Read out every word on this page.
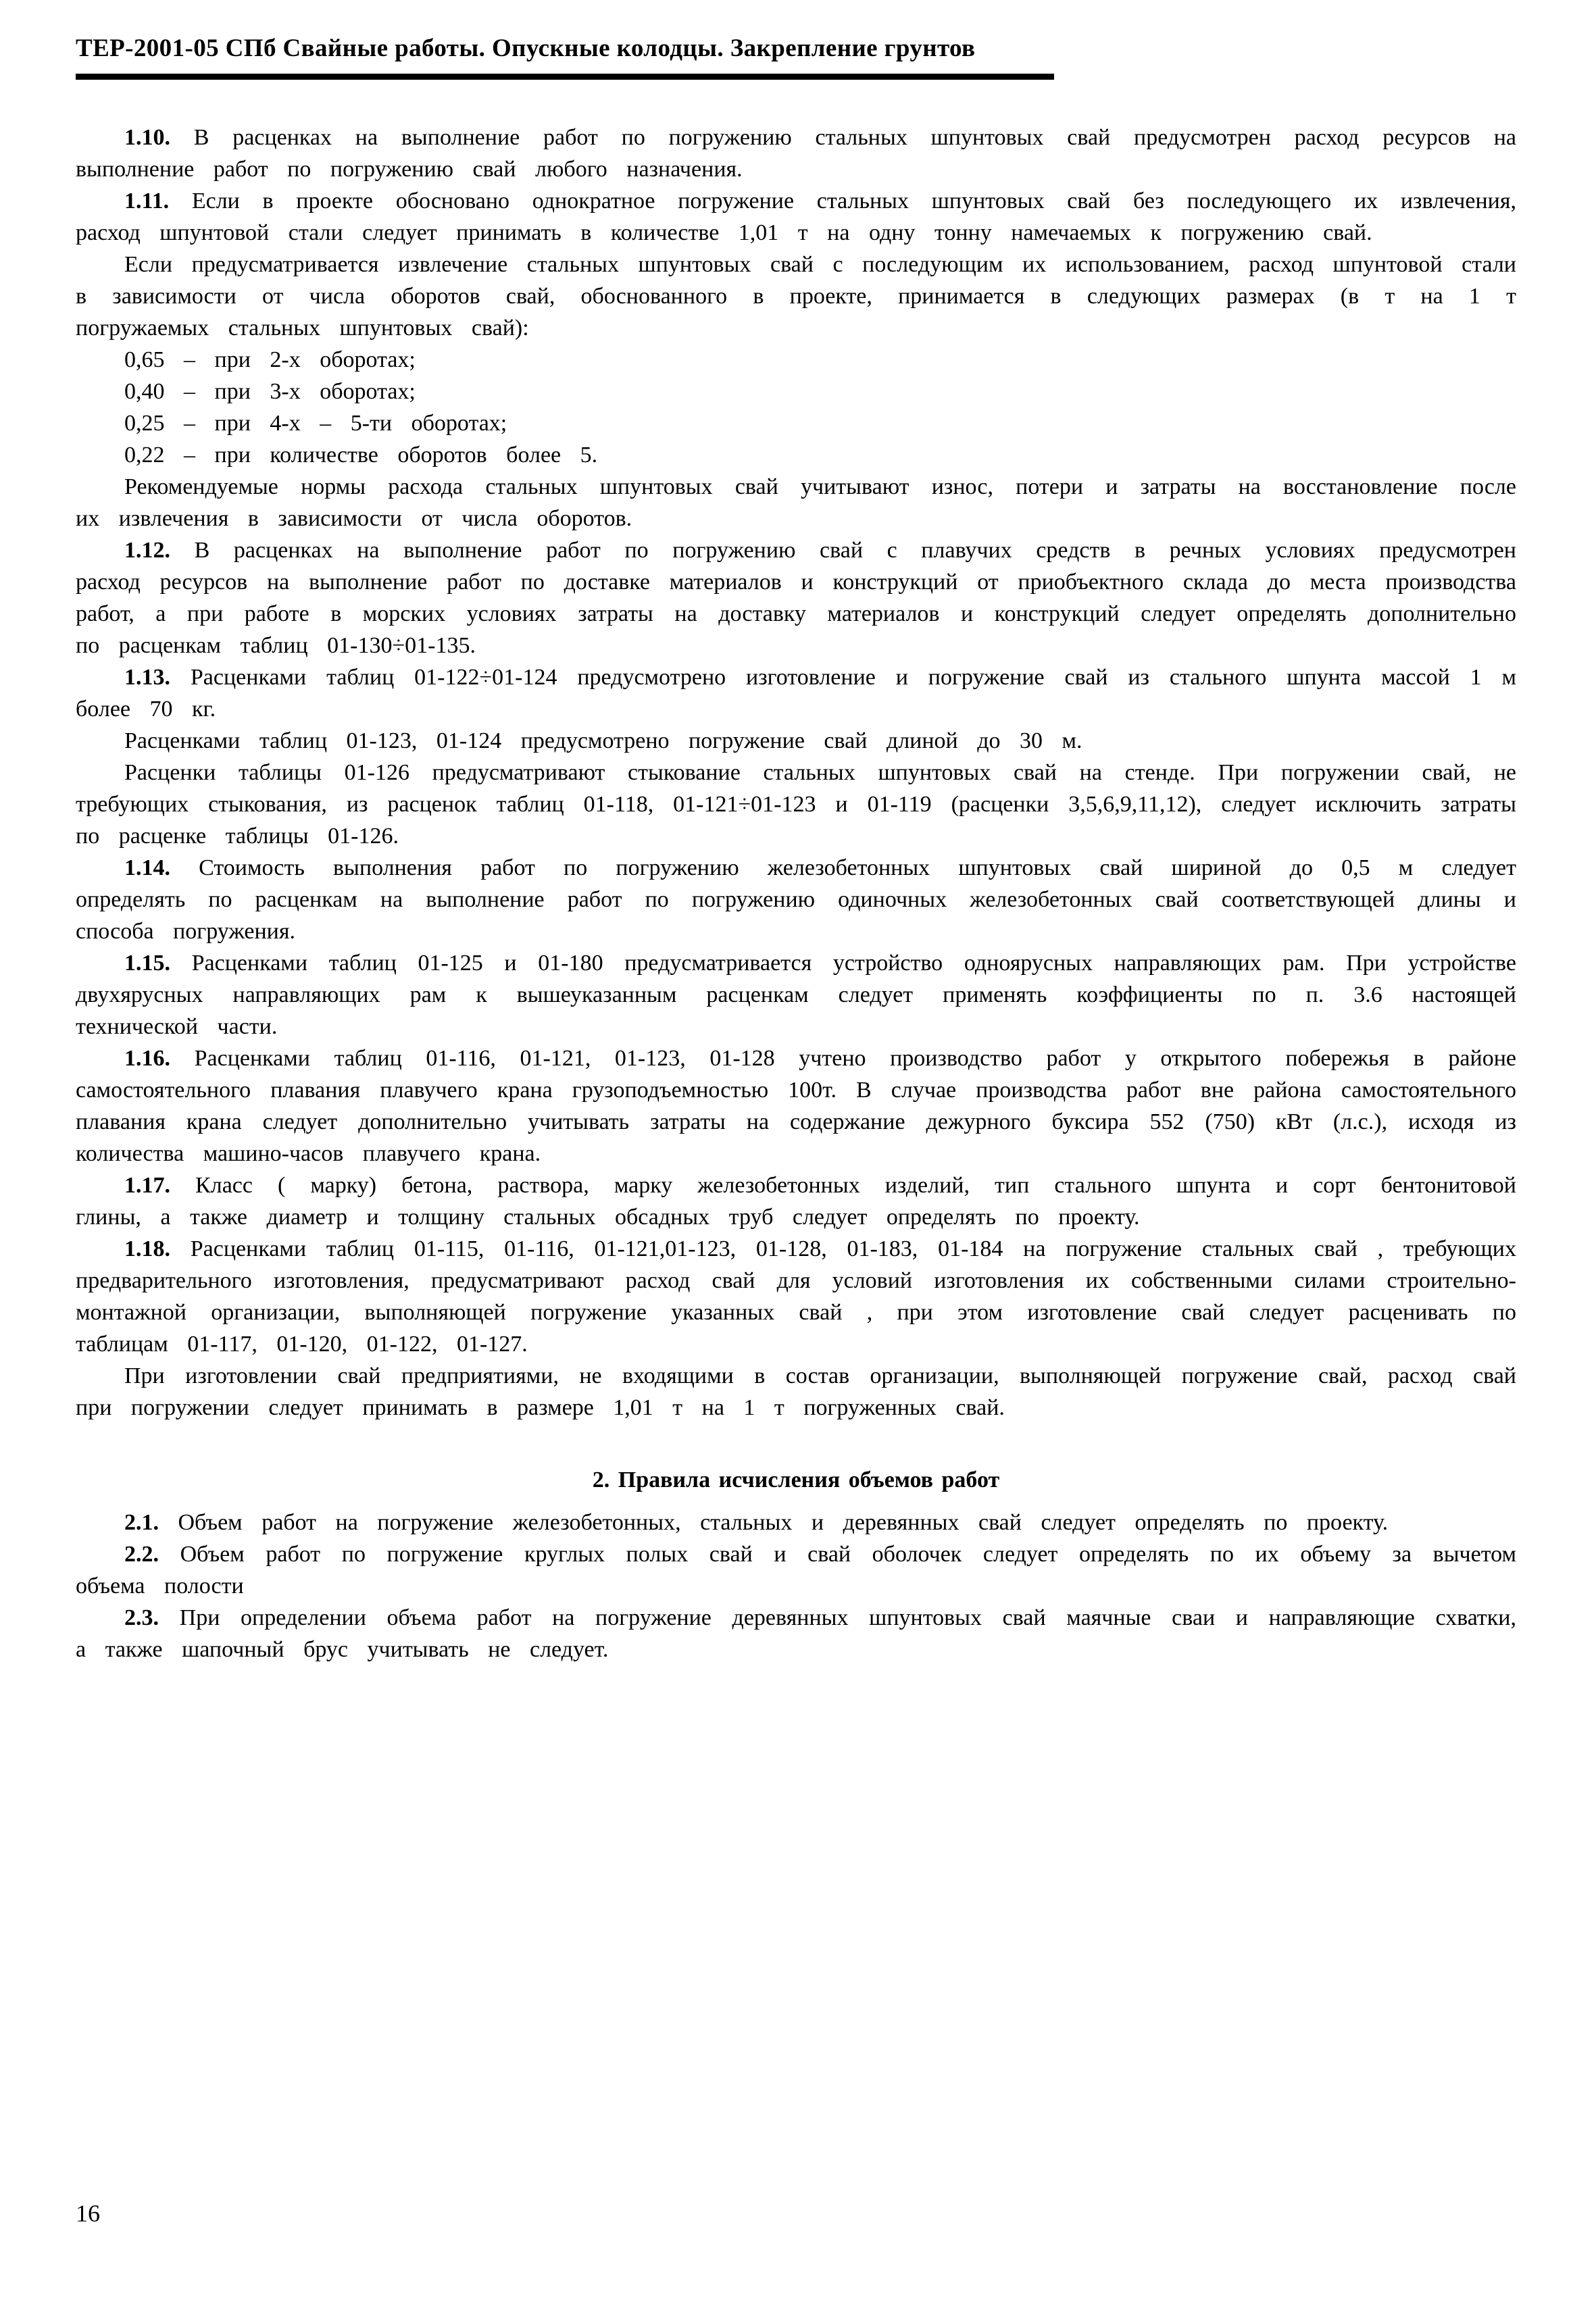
ТЕР-2001-05 СПб Свайные работы. Опускные колодцы. Закрепление грунтов

1.10. В расценках на выполнение работ по погружению стальных шпунтовых свай предусмотрен расход ресурсов на выполнение работ по погружению свай любого назначения.

1.11. Если в проекте обосновано однократное погружение стальных шпунтовых свай без последующего их извлечения, расход шпунтовой стали следует принимать в количестве 1,01 т на одну тонну намечаемых к погружению свай.

Если предусматривается извлечение стальных шпунтовых свай с последующим их использованием, расход шпунтовой стали в зависимости от числа оборотов свай, обоснованного в проекте, принимается в следующих размерах (в т на 1 т погружаемых стальных шпунтовых свай):

0,65 – при 2-х оборотах;

0,40 – при 3-х оборотах;

0,25 – при 4-х – 5-ти оборотах;

0,22 – при количестве оборотов более 5.

Рекомендуемые нормы расхода стальных шпунтовых свай учитывают износ, потери и затраты на восстановление после их извлечения в зависимости от числа оборотов.

1.12. В расценках на выполнение работ по погружению свай с плавучих средств в речных условиях предусмотрен расход ресурсов на выполнение работ по доставке материалов и конструкций от приобъектного склада до места производства работ, а при работе в морских условиях затраты на доставку материалов и конструкций следует определять дополнительно по расценкам таблиц 01-130÷01-135.

1.13. Расценками таблиц 01-122÷01-124 предусмотрено изготовление и погружение свай из стального шпунта массой 1 м более 70 кг.

Расценками таблиц 01-123, 01-124 предусмотрено погружение свай длиной до 30 м.

Расценки таблицы 01-126 предусматривают стыкование стальных шпунтовых свай на стенде. При погружении свай, не требующих стыкования, из расценок таблиц 01-118, 01-121÷01-123 и 01-119 (расценки 3,5,6,9,11,12), следует исключить затраты по расценке таблицы 01-126.

1.14. Стоимость выполнения работ по погружению железобетонных шпунтовых свай шириной до 0,5 м следует определять по расценкам на выполнение работ по погружению одиночных железобетонных свай соответствующей длины и способа погружения.

1.15. Расценками таблиц 01-125 и 01-180 предусматривается устройство одноярусных направляющих рам. При устройстве двухярусных направляющих рам к вышеуказанным расценкам следует применять коэффициенты по п. 3.6 настоящей технической части.

1.16. Расценками таблиц 01-116, 01-121, 01-123, 01-128 учтено производство работ у открытого побережья в районе самостоятельного плавания плавучего крана грузоподъемностью 100т. В случае производства работ вне района самостоятельного плавания крана следует дополнительно учитывать затраты на содержание дежурного буксира 552 (750) кВт (л.с.), исходя из количества машино-часов плавучего крана.

1.17. Класс ( марку) бетона, раствора, марку железобетонных изделий, тип стального шпунта и сорт бентонитовой глины, а также диаметр и толщину стальных обсадных труб следует определять по проекту.

1.18. Расценками таблиц 01-115, 01-116, 01-121,01-123, 01-128, 01-183, 01-184 на погружение стальных свай , требующих предварительного изготовления, предусматривают расход свай для условий изготовления их собственными силами строительно-монтажной организации, выполняющей погружение указанных свай , при этом изготовление свай следует расценивать по таблицам 01-117, 01-120, 01-122, 01-127.

При изготовлении свай предприятиями, не входящими в состав организации, выполняющей погружение свай, расход свай при погружении следует принимать в размере 1,01 т на 1 т погруженных свай.

2. Правила исчисления объемов работ

2.1. Объем работ на погружение железобетонных, стальных и деревянных свай следует определять по проекту.

2.2. Объем работ по погружение круглых полых свай и свай оболочек следует определять по их объему за вычетом объема полости

2.3. При определении объема работ на погружение деревянных шпунтовых свай маячные сваи и направляющие схватки, а также шапочный брус учитывать не следует.

16
